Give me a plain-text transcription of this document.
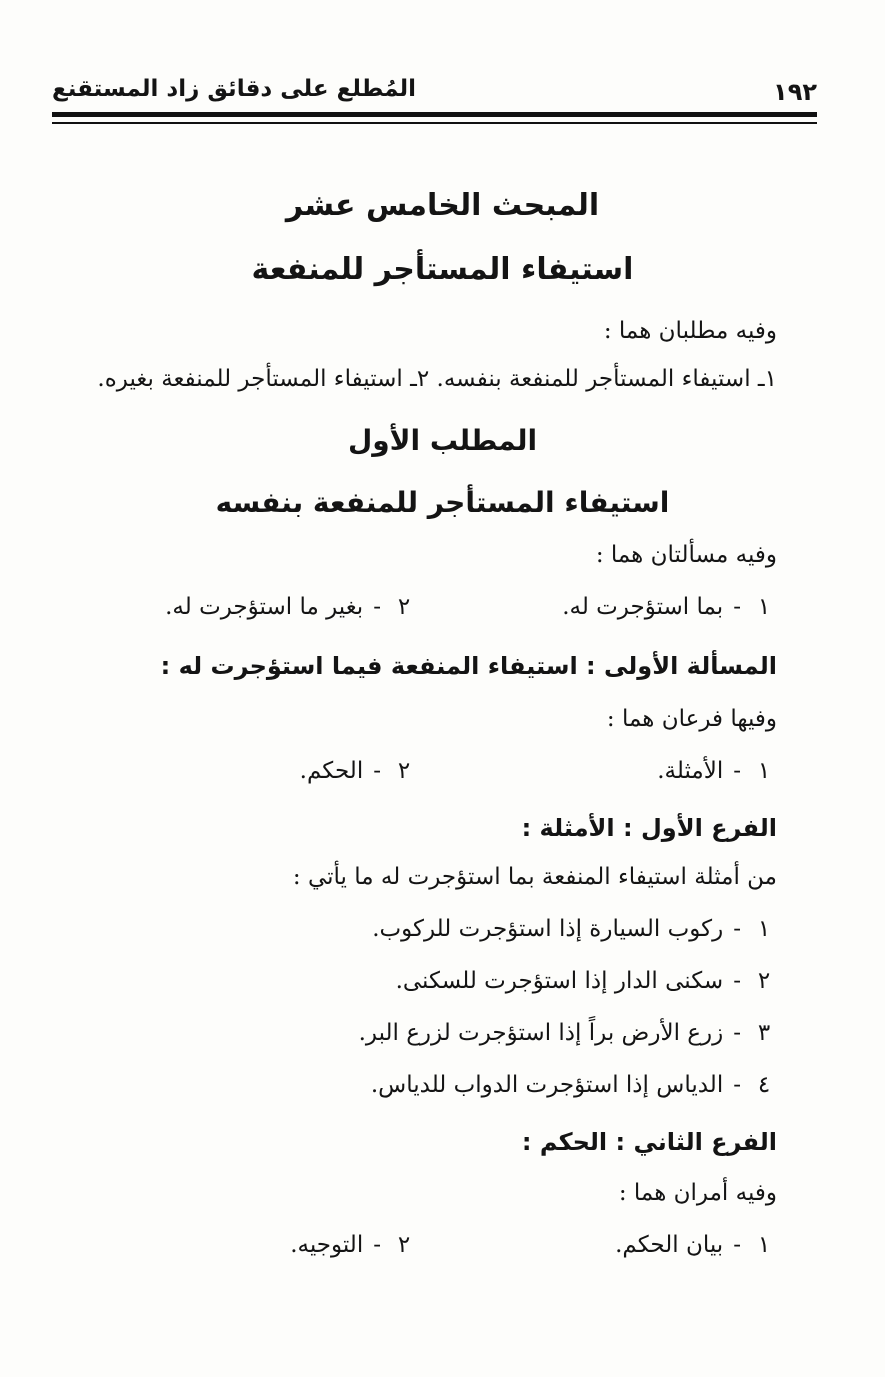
١٩٢
المُطلع على دقائق زاد المستقنع
المبحث الخامس عشر
استيفاء المستأجر للمنفعة
وفيه مطلبان هما :
١ـ استيفاء المستأجر للمنفعة بنفسه. ٢ـ استيفاء المستأجر للمنفعة بغيره.
المطلب الأول
استيفاء المستأجر للمنفعة بنفسه
وفيه مسألتان هما :
١-بما استؤجرت له.
٢-بغير ما استؤجرت له.
المسألة الأولى : استيفاء المنفعة فيما استؤجرت له :
وفيها فرعان هما :
١-الأمثلة.
٢-الحكم.
الفرع الأول : الأمثلة :
من أمثلة استيفاء المنفعة بما استؤجرت له ما يأتي :
١-ركوب السيارة إذا استؤجرت للركوب.
٢-سكنى الدار إذا استؤجرت للسكنى.
٣-زرع الأرض براً إذا استؤجرت لزرع البر.
٤-الدياس إذا استؤجرت الدواب للدياس.
الفرع الثاني : الحكم :
وفيه أمران هما :
١-بيان الحكم.
٢-التوجيه.
